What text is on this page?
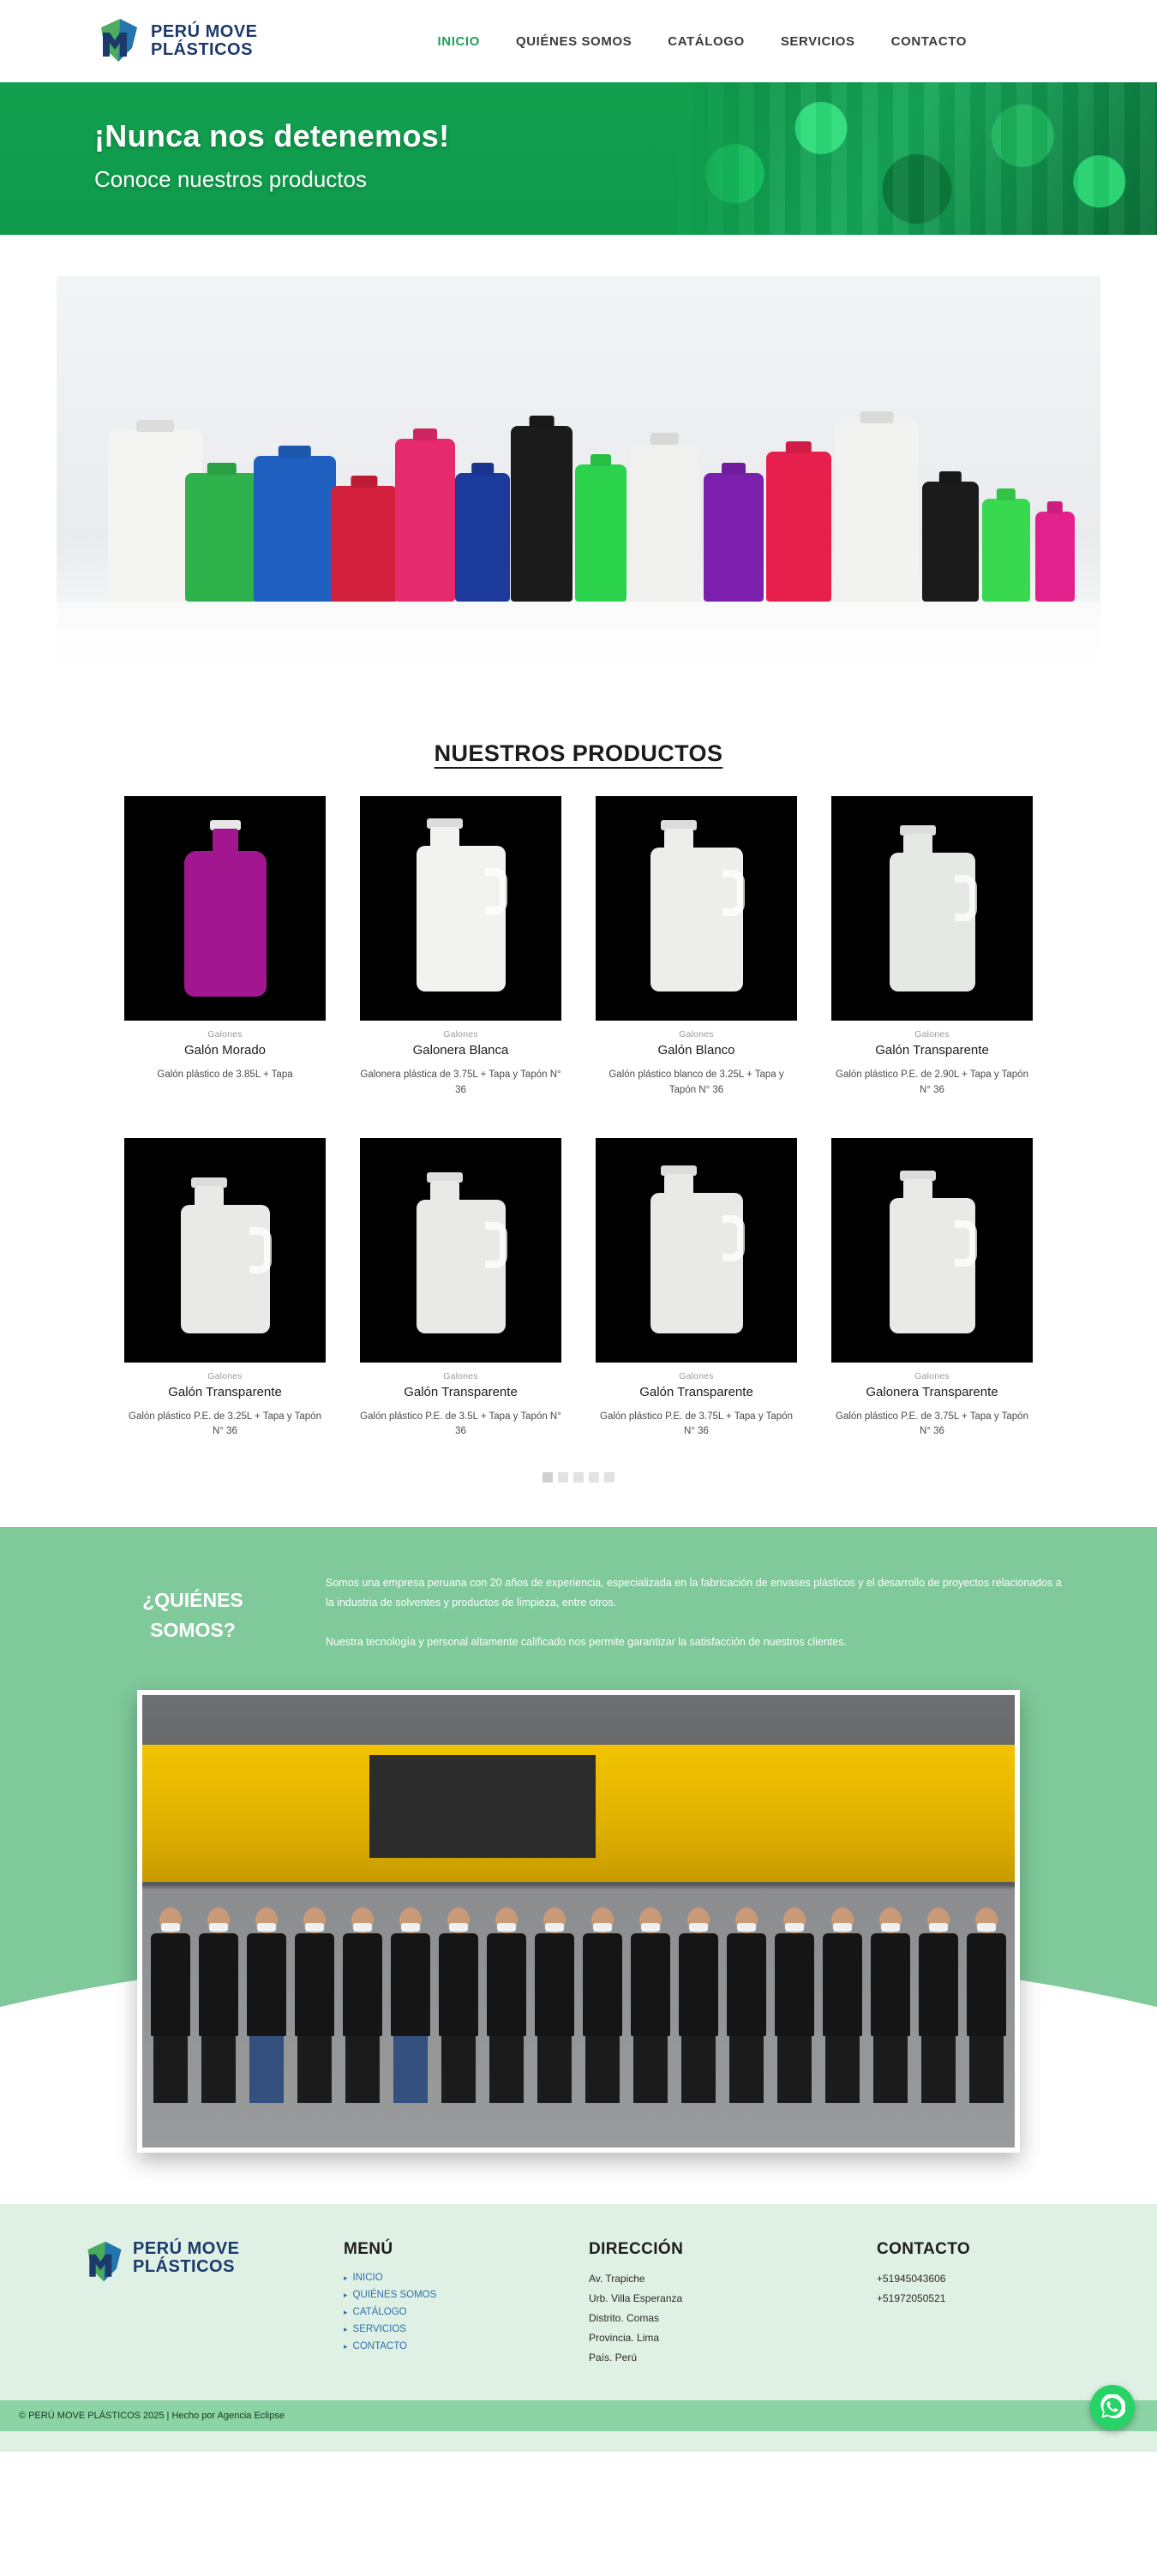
PERÚ MOVE
PLÁSTICOS	INICIO	QUIÉNES SOMOS	CATÁLOGO	SERVICIOS	CONTACTO
¡Nunca nos detenemos!
Conoce nuestros productos
NUESTROS PRODUCTOS
Galones
Galón Morado
Galón plástico de 3.85L + Tapa
Galones
Galonera Blanca
Galonera plástica de 3.75L + Tapa y Tapón N° 36
Galones
Galón Blanco
Galón plástico blanco de 3.25L + Tapa y Tapón N° 36
Galones
Galón Transparente
Galón plástico P.E. de 2.90L + Tapa y Tapón N° 36
Galones
Galón Transparente
Galón plástico P.E. de 3.25L + Tapa y Tapón N° 36
Galones
Galón Transparente
Galón plástico P.E. de 3.5L + Tapa y Tapón N° 36
Galones
Galón Transparente
Galón plástico P.E. de 3.75L + Tapa y Tapón N° 36
Galones
Galonera Transparente
Galón plástico P.E. de 3.75L + Tapa y Tapón N° 36
¿QUIÉNES
SOMOS?

Somos una empresa peruana con 20 años de experiencia, especializada en la fabricación de envases plásticos y el desarrollo de proyectos relacionados a la industria de solventes y productos de limpieza, entre otros.

Nuestra tecnología y personal altamente calificado nos permite garantizar la satisfacción de nuestros clientes.

PERÚ MOVE
PLÁSTICOS
MENÚ
▸ INICIO
▸ QUIÉNES SOMOS
▸ CATÁLOGO
▸ SERVICIOS
▸ CONTACTO
DIRECCIÓN
Av. Trapiche
Urb. Villa Esperanza
Distrito. Comas
Provincia. Lima
País. Perú
CONTACTO
+51945043606
+51972050521
© PERÚ MOVE PLÁSTICOS 2025 | Hecho por Agencia Eclipse
